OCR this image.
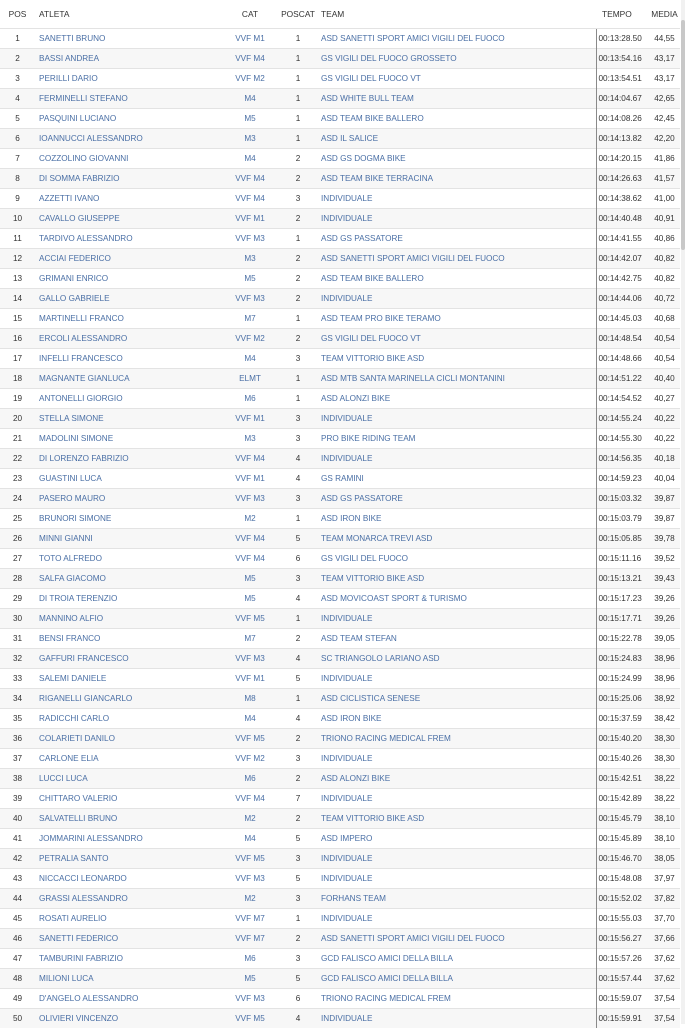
POS	ATLETA	CAT	POSCAT	TEAM	TEMPO	MEDIA
1	SANETTI BRUNO	VVF M1	1	ASD SANETTI SPORT AMICI VIGILI DEL FUOCO	00:13:28.50	44,55
2	BASSI ANDREA	VVF M4	1	GS VIGILI DEL FUOCO GROSSETO	00:13:54.16	43,17
3	PERILLI DARIO	VVF M2	1	GS VIGILI DEL FUOCO VT	00:13:54.51	43,17
4	FERMINELLI STEFANO	M4	1	ASD WHITE BULL TEAM	00:14:04.67	42,65
5	PASQUINI LUCIANO	M5	1	ASD TEAM BIKE BALLERO	00:14:08.26	42,45
6	IOANNUCCI ALESSANDRO	M3	1	ASD IL SALICE	00:14:13.82	42,20
7	COZZOLINO GIOVANNI	M4	2	ASD GS DOGMA BIKE	00:14:20.15	41,86
8	DI SOMMA FABRIZIO	VVF M4	2	ASD TEAM BIKE TERRACINA	00:14:26.63	41,57
9	AZZETTI IVANO	VVF M4	3	INDIVIDUALE	00:14:38.62	41,00
10	CAVALLO GIUSEPPE	VVF M1	2	INDIVIDUALE	00:14:40.48	40,91
11	TARDIVO ALESSANDRO	VVF M3	1	ASD GS PASSATORE	00:14:41.55	40,86
12	ACCIAI FEDERICO	M3	2	ASD SANETTI SPORT AMICI VIGILI DEL FUOCO	00:14:42.07	40,82
13	GRIMANI ENRICO	M5	2	ASD TEAM BIKE BALLERO	00:14:42.75	40,82
14	GALLO GABRIELE	VVF M3	2	INDIVIDUALE	00:14:44.06	40,72
15	MARTINELLI FRANCO	M7	1	ASD TEAM PRO BIKE TERAMO	00:14:45.03	40,68
16	ERCOLI ALESSANDRO	VVF M2	2	GS VIGILI DEL FUOCO VT	00:14:48.54	40,54
17	INFELLI FRANCESCO	M4	3	TEAM VITTORIO BIKE ASD	00:14:48.66	40,54
18	MAGNANTE GIANLUCA	ELMT	1	ASD MTB SANTA MARINELLA CICLI MONTANINI	00:14:51.22	40,40
19	ANTONELLI GIORGIO	M6	1	ASD ALONZI BIKE	00:14:54.52	40,27
20	STELLA SIMONE	VVF M1	3	INDIVIDUALE	00:14:55.24	40,22
21	MADOLINI SIMONE	M3	3	PRO BIKE RIDING TEAM	00:14:55.30	40,22
22	DI LORENZO FABRIZIO	VVF M4	4	INDIVIDUALE	00:14:56.35	40,18
23	GUASTINI LUCA	VVF M1	4	GS RAMINI	00:14:59.23	40,04
24	PASERO MAURO	VVF M3	3	ASD GS PASSATORE	00:15:03.32	39,87
25	BRUNORI SIMONE	M2	1	ASD IRON BIKE	00:15:03.79	39,87
26	MINNI GIANNI	VVF M4	5	TEAM MONARCA TREVI ASD	00:15:05.85	39,78
27	TOTO ALFREDO	VVF M4	6	GS VIGILI DEL FUOCO	00:15:11.16	39,52
28	SALFA GIACOMO	M5	3	TEAM VITTORIO BIKE ASD	00:15:13.21	39,43
29	DI TROIA TERENZIO	M5	4	ASD MOVICOAST SPORT & TURISMO	00:15:17.23	39,26
30	MANNINO ALFIO	VVF M5	1	INDIVIDUALE	00:15:17.71	39,26
31	BENSI FRANCO	M7	2	ASD TEAM STEFAN	00:15:22.78	39,05
32	GAFFURI FRANCESCO	VVF M3	4	SC TRIANGOLO LARIANO ASD	00:15:24.83	38,96
33	SALEMI DANIELE	VVF M1	5	INDIVIDUALE	00:15:24.99	38,96
34	RIGANELLI GIANCARLO	M8	1	ASD CICLISTICA SENESE	00:15:25.06	38,92
35	RADICCHI CARLO	M4	4	ASD IRON BIKE	00:15:37.59	38,42
36	COLARIETI DANILO	VVF M5	2	TRIONO RACING MEDICAL FREM	00:15:40.20	38,30
37	CARLONE ELIA	VVF M2	3	INDIVIDUALE	00:15:40.26	38,30
38	LUCCI LUCA	M6	2	ASD ALONZI BIKE	00:15:42.51	38,22
39	CHITTARO VALERIO	VVF M4	7	INDIVIDUALE	00:15:42.89	38,22
40	SALVATELLI BRUNO	M2	2	TEAM VITTORIO BIKE ASD	00:15:45.79	38,10
41	JOMMARINI ALESSANDRO	M4	5	ASD IMPERO	00:15:45.89	38,10
42	PETRALIA SANTO	VVF M5	3	INDIVIDUALE	00:15:46.70	38,05
43	NICCACCI LEONARDO	VVF M3	5	INDIVIDUALE	00:15:48.08	37,97
44	GRASSI ALESSANDRO	M2	3	FORHANS TEAM	00:15:52.02	37,82
45	ROSATI AURELIO	VVF M7	1	INDIVIDUALE	00:15:55.03	37,70
46	SANETTI FEDERICO	VVF M7	2	ASD SANETTI SPORT AMICI VIGILI DEL FUOCO	00:15:56.27	37,66
47	TAMBURINI FABRIZIO	M6	3	GCD FALISCO AMICI DELLA BILLA	00:15:57.26	37,62
48	MILIONI LUCA	M5	5	GCD FALISCO AMICI DELLA BILLA	00:15:57.44	37,62
49	D'ANGELO ALESSANDRO	VVF M3	6	TRIONO RACING MEDICAL FREM	00:15:59.07	37,54
50	OLIVIERI VINCENZO	VVF M5	4	INDIVIDUALE	00:15:59.91	37,54
